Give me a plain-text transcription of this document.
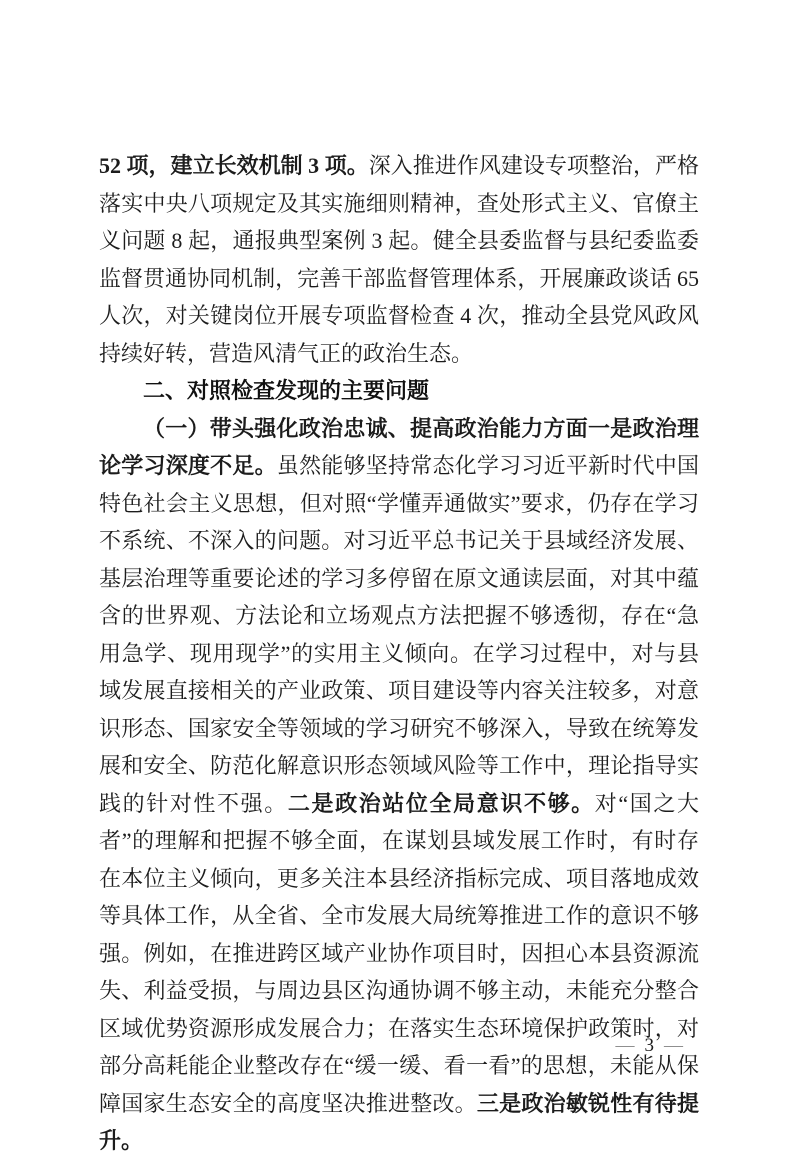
52 项，建立长效机制 3 项。深入推进作风建设专项整治，严格落实中央八项规定及其实施细则精神，查处形式主义、官僚主义问题 8 起，通报典型案例 3 起。健全县委监督与县纪委监委监督贯通协同机制，完善干部监督管理体系，开展廉政谈话 65 人次，对关键岗位开展专项监督检查 4 次，推动全县党风政风持续好转，营造风清气正的政治生态。

二、对照检查发现的主要问题

（一）带头强化政治忠诚、提高政治能力方面一是政治理论学习深度不足。虽然能够坚持常态化学习习近平新时代中国特色社会主义思想，但对照“学懂弄通做实”要求，仍存在学习不系统、不深入的问题。对习近平总书记关于县域经济发展、基层治理等重要论述的学习多停留在原文通读层面，对其中蕴含的世界观、方法论和立场观点方法把握不够透彻，存在“急用急学、现用现学”的实用主义倾向。在学习过程中，对与县域发展直接相关的产业政策、项目建设等内容关注较多，对意识形态、国家安全等领域的学习研究不够深入，导致在统筹发展和安全、防范化解意识形态领域风险等工作中，理论指导实践的针对性不强。二是政治站位全局意识不够。对“国之大者”的理解和把握不够全面，在谋划县域发展工作时，有时存在本位主义倾向，更多关注本县经济指标完成、项目落地成效等具体工作，从全省、全市发展大局统筹推进工作的意识不够强。例如，在推进跨区域产业协作项目时，因担心本县资源流失、利益受损，与周边县区沟通协调不够主动，未能充分整合区域优势资源形成发展合力；在落实生态环境保护政策时，对部分高耗能企业整改存在“缓一缓、看一看”的思想，未能从保障国家生态安全的高度坚决推进整改。三是政治敏锐性有待提升。

— 3 —
